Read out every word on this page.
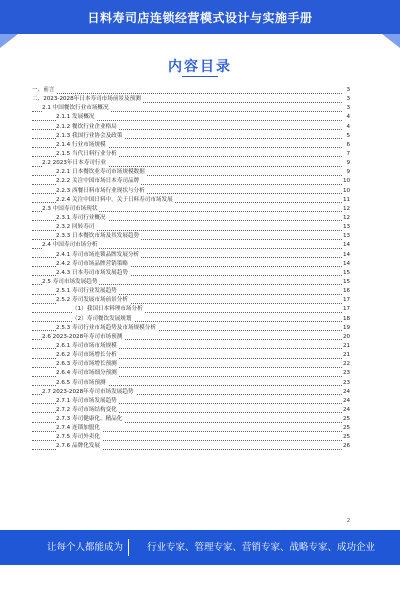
日料寿司店连锁经营模式设计与实施手册
内容目录
一、前言	3
二、2023-2028年日本寿司市场前景及预测	3
2.1 中国餐饮行业市场概况	3
2.1.1 发展概况	4
2.1.2 餐饮行业企业格局	4
2.1.3 我国行业协会及政策	5
2.1.4 行业市场规模	6
2.1.5 当代日料行业分析	7
2.2 2023年日本寿司行业	9
2.2.1 日本餐饮业寿司市场规模数据	9
2.2.2 关注中国市场日本寿司品牌	10
2.2.3 西餐日料市场行业现状与分析	10
2.2.4 关注中国日料中，关于日料寿司市场发展	11
2.3 中国寿司市场现状	12
2.3.1 寿司行业概况	12
2.3.2 回转寿司	13
2.3.3 日本餐饮市场及其发展趋势	13
2.4 中国寿司市场分析	14
2.4.1 寿司市场连锁品牌发展分析	14
2.4.2 寿司市场品牌营销策略	14
2.4.3 日本寿司市场发展趋势	15
2.5 寿司市场发展趋势	15
2.5.1 寿司行业发展趋势	16
2.5.2 寿司发展市场前景分析	17
（1）我国日本料理市场分析	17
（2）寿司餐饮发展规划	18
2.5.3 寿司行业市场趋势及市场规模分析	19
2.6 2023-2028年寿司市场预测	20
2.6.1 寿司市场市场规模	21
2.6.2 寿司市场增长分析	21
2.6.3 寿司市场增长预测	22
2.6.4 寿司市场细分预测	23
2.6.5 寿司市场预测	23
2.7 2023-2028年寿司市场发展趋势	24
2.7.1 寿司市场发展趋势	24
2.7.2 寿司市场结构变化	24
2.7.3 寿司健康化、精品化	25
2.7.4 连锁加盟化	25
2.7.5 寿司外卖化	25
2.7.6 品牌化发展	26
2
让每个人都能成为	行业专家、管理专家、营销专家、战略专家、成功企业家……
